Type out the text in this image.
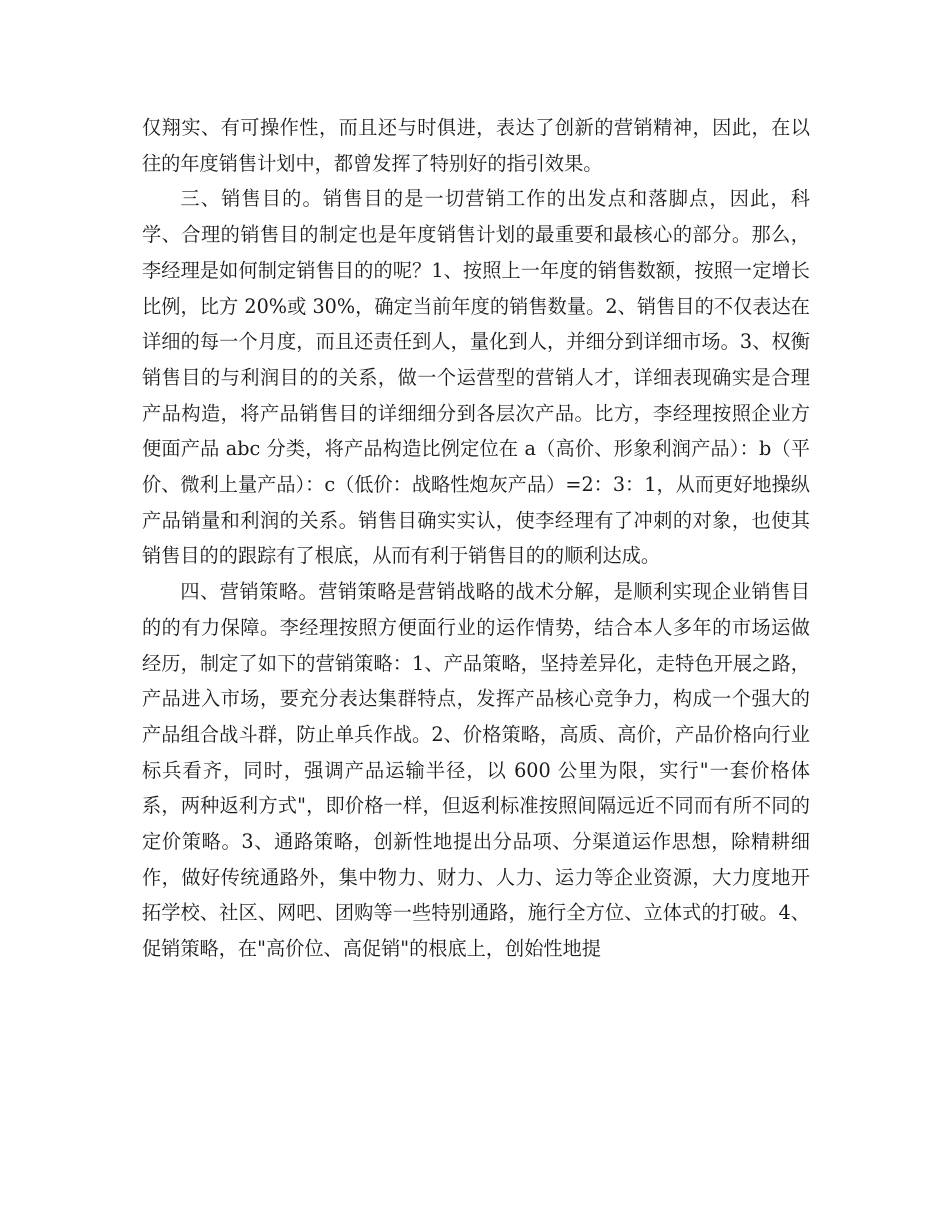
仅翔实、有可操作性，而且还与时俱进，表达了创新的营销精神，因此，在以往的年度销售计划中，都曾发挥了特别好的指引效果。

三、销售目的。销售目的是一切营销工作的出发点和落脚点，因此，科学、合理的销售目的制定也是年度销售计划的最重要和最核心的部分。那么，李经理是如何制定销售目的的呢？1、按照上一年度的销售数额，按照一定增长比例，比方 20%或 30%，确定当前年度的销售数量。2、销售目的不仅表达在详细的每一个月度，而且还责任到人，量化到人，并细分到详细市场。3、权衡销售目的与利润目的的关系，做一个运营型的营销人才，详细表现确实是合理产品构造，将产品销售目的详细细分到各层次产品。比方，李经理按照企业方便面产品 abc 分类，将产品构造比例定位在 a（高价、形象利润产品）：b（平价、微利上量产品）：c（低价：战略性炮灰产品）=2：3：1，从而更好地操纵产品销量和利润的关系。销售目确实实认，使李经理有了冲刺的对象，也使其销售目的的跟踪有了根底，从而有利于销售目的的顺利达成。

四、营销策略。营销策略是营销战略的战术分解，是顺利实现企业销售目的的有力保障。李经理按照方便面行业的运作情势，结合本人多年的市场运做经历，制定了如下的营销策略：1、产品策略，坚持差异化，走特色开展之路，产品进入市场，要充分表达集群特点，发挥产品核心竞争力，构成一个强大的产品组合战斗群，防止单兵作战。2、价格策略，高质、高价，产品价格向行业标兵看齐，同时，强调产品运输半径，以 600 公里为限，实行"一套价格体系，两种返利方式"，即价格一样，但返利标准按照间隔远近不同而有所不同的定价策略。3、通路策略，创新性地提出分品项、分渠道运作思想，除精耕细作，做好传统通路外，集中物力、财力、人力、运力等企业资源，大力度地开拓学校、社区、网吧、团购等一些特别通路，施行全方位、立体式的打破。4、促销策略，在"高价位、高促销"的根底上，创始性地提
